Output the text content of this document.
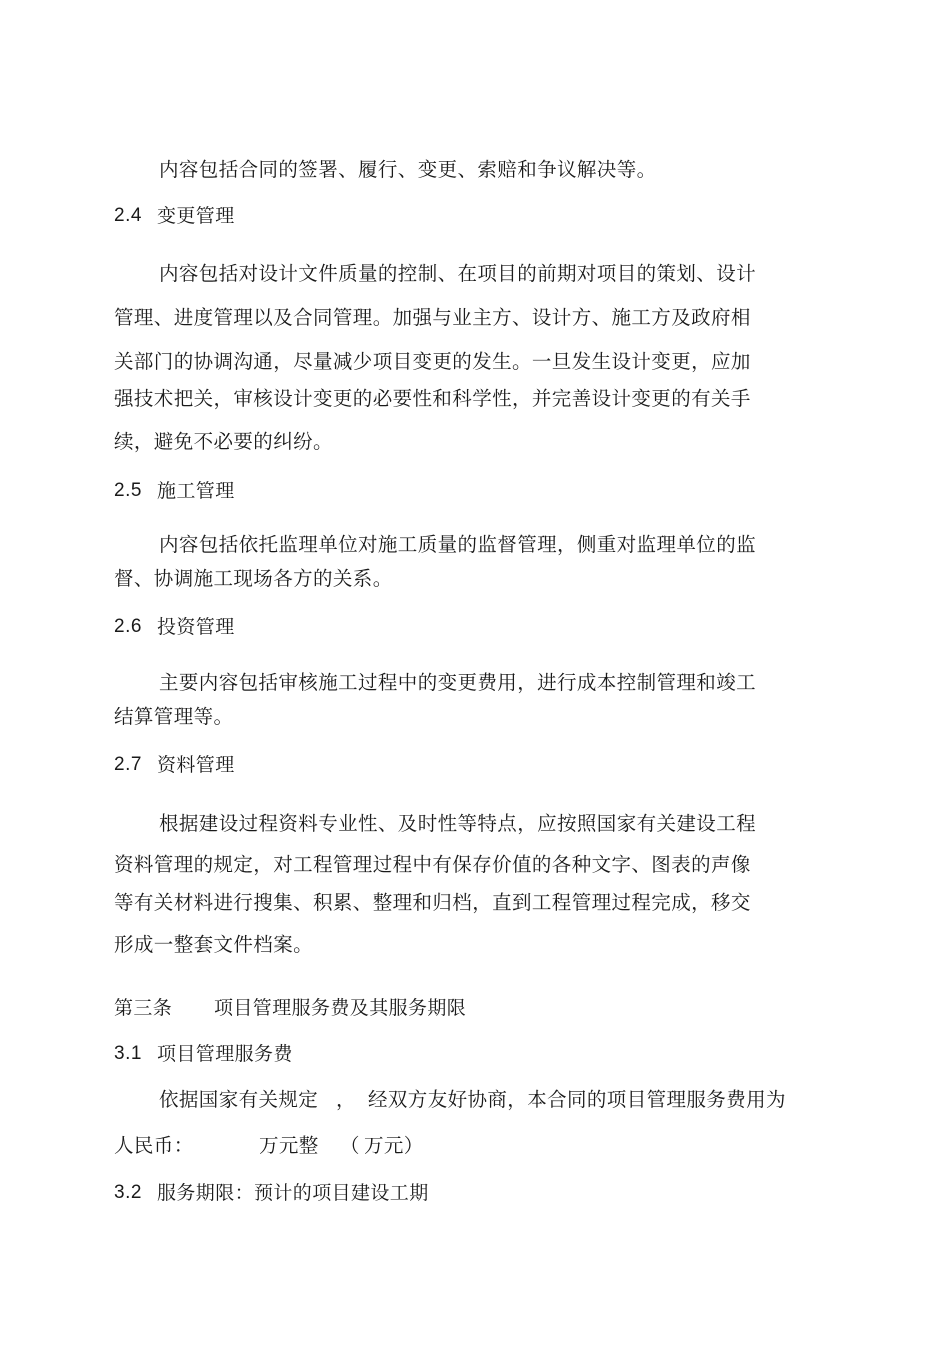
内容包括合同的签署、履行、变更、索赔和争议解决等。
2.4 变更管理
内容包括对设计文件质量的控制、在项目的前期对项目的策划、设计
管理、进度管理以及合同管理。加强与业主方、设计方、施工方及政府相
关部门的协调沟通，尽量减少项目变更的发生。一旦发生设计变更，应加
强技术把关，审核设计变更的必要性和科学性，并完善设计变更的有关手
续，避免不必要的纠纷。
2.5 施工管理
内容包括依托监理单位对施工质量的监督管理，侧重对监理单位的监
督、协调施工现场各方的关系。
2.6 投资管理
主要内容包括审核施工过程中的变更费用，进行成本控制管理和竣工
结算管理等。
2.7 资料管理
根据建设过程资料专业性、及时性等特点，应按照国家有关建设工程
资料管理的规定，对工程管理过程中有保存价值的各种文字、图表的声像
等有关材料进行搜集、积累、整理和归档，直到工程管理过程完成，移交
形成一整套文件档案。
第三条 项目管理服务费及其服务期限
3.1 项目管理服务费
依据国家有关规定 ， 经双方友好协商，本合同的项目管理服务费用为
人民币：	万元整 （ 万元）
3.2 服务期限：预计的项目建设工期
